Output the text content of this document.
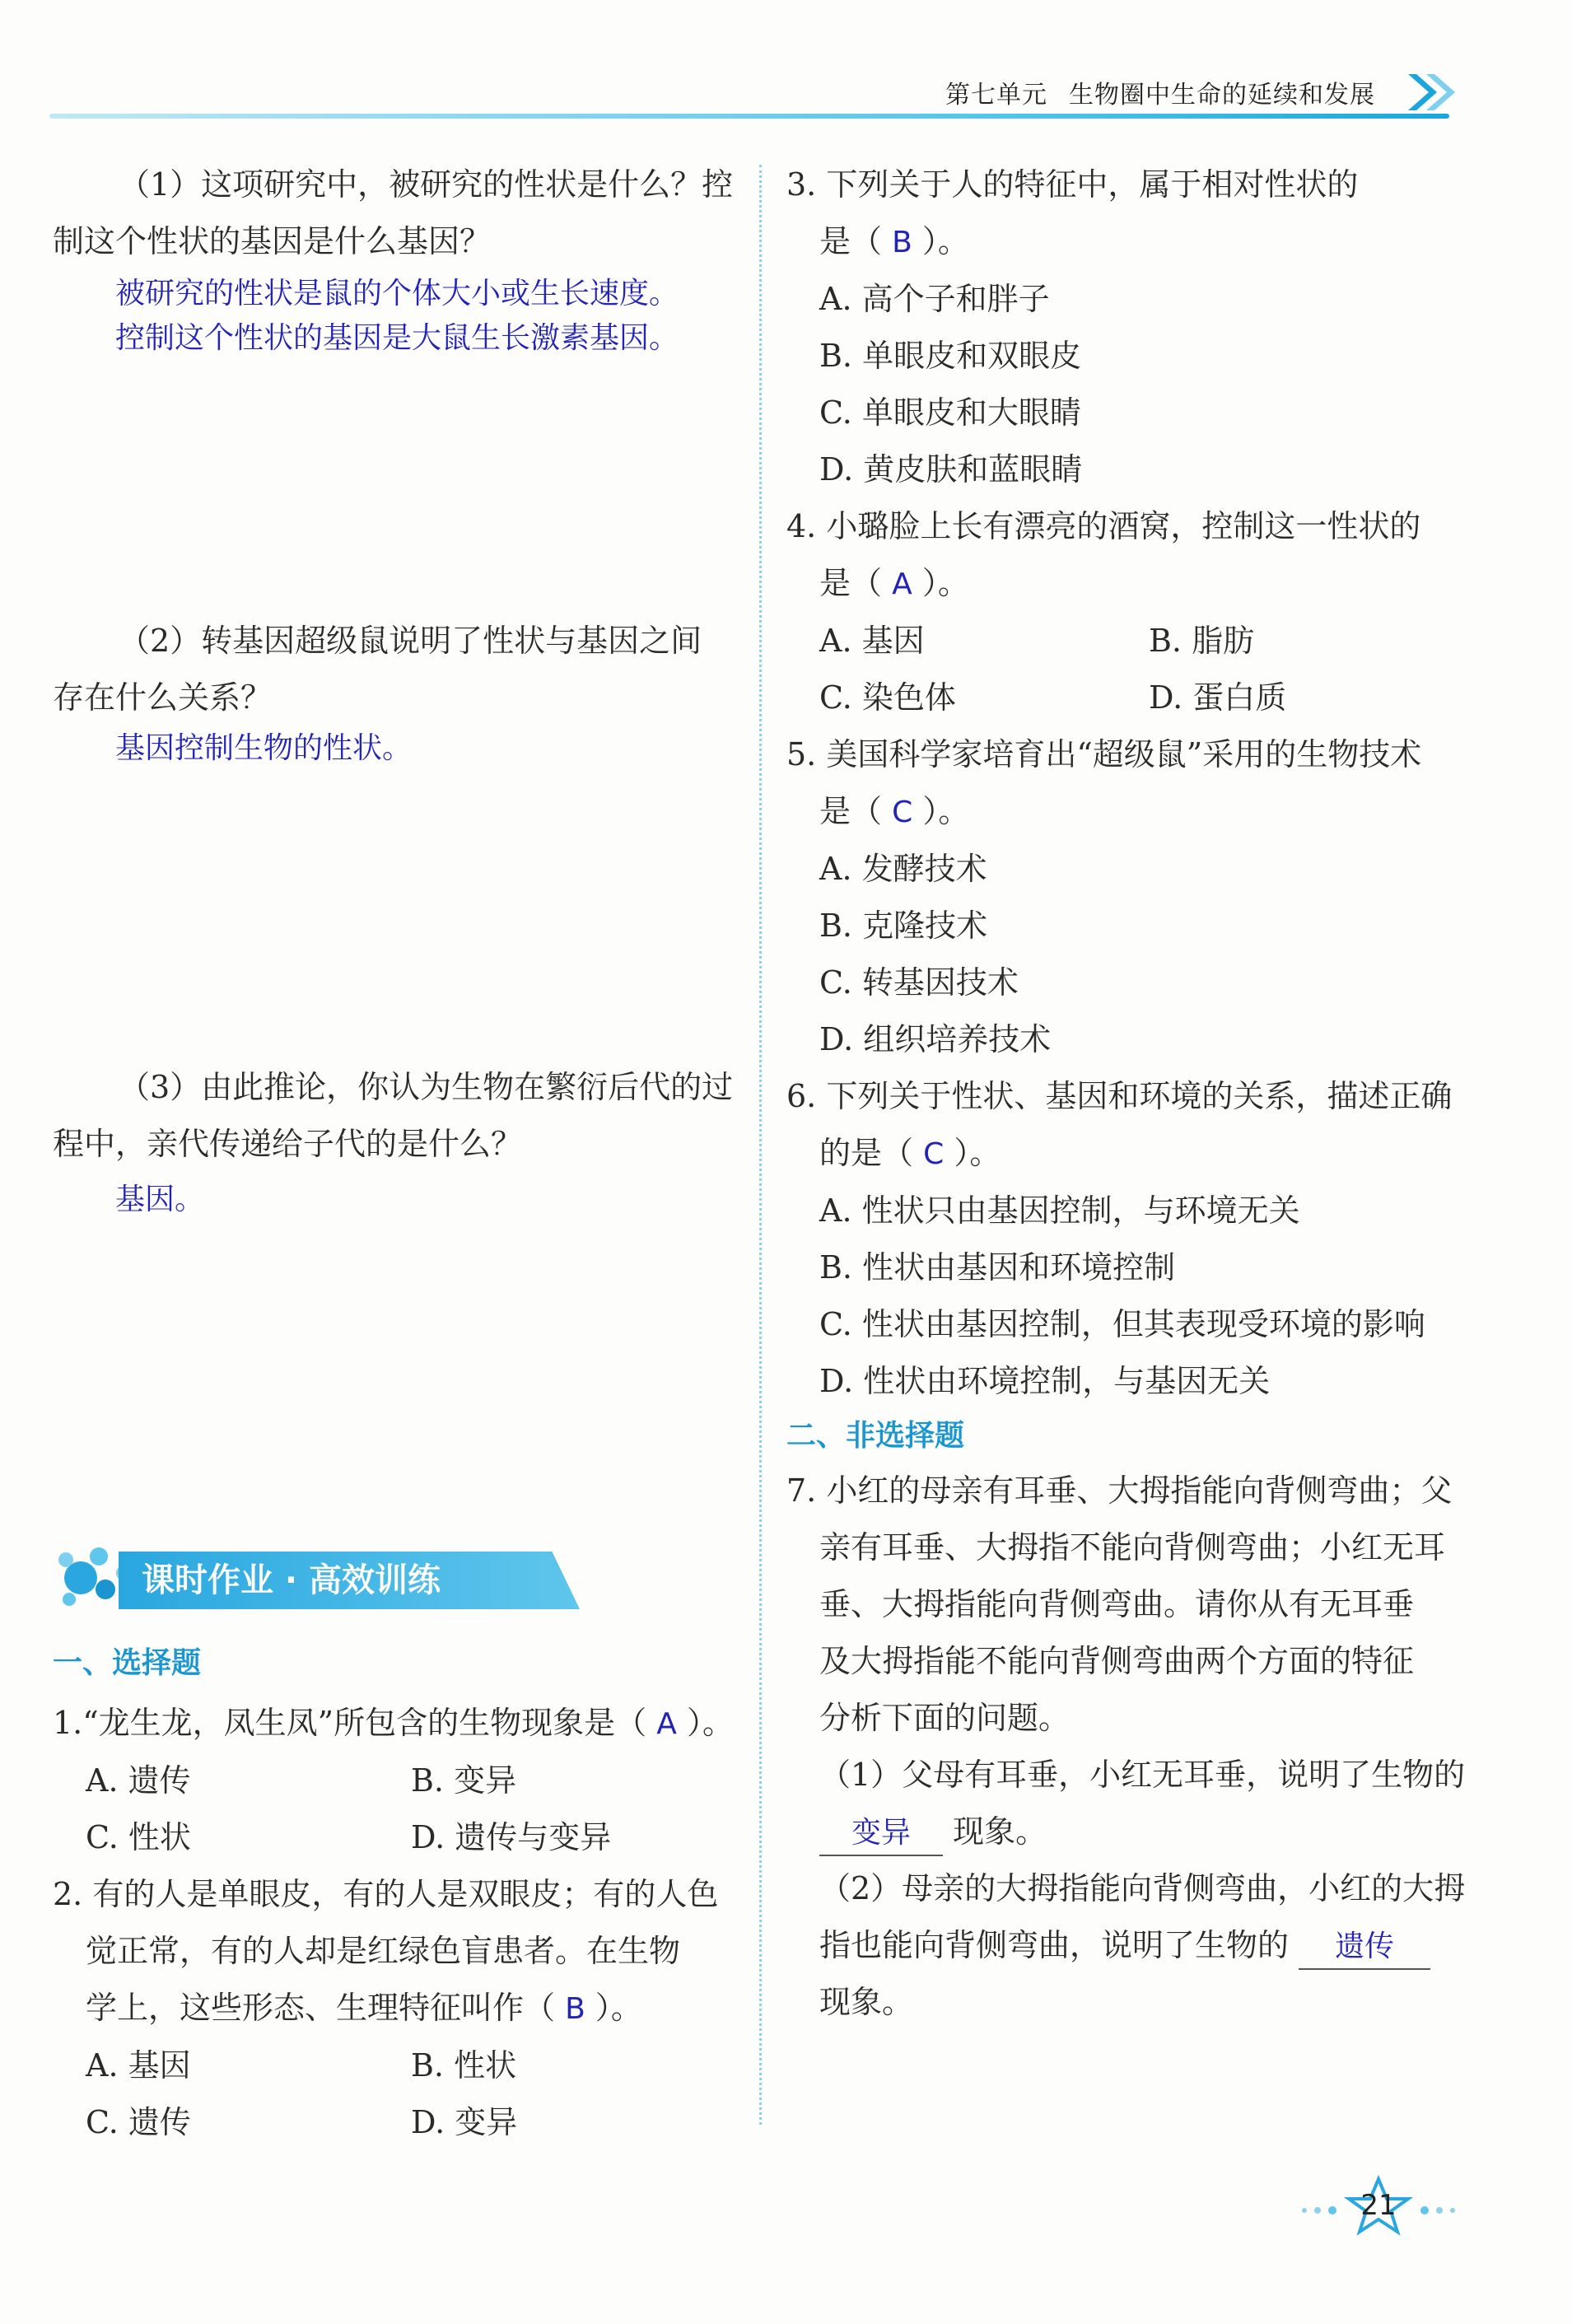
第七单元 生物圈中生命的延续和发展
（1）这项研究中，被研究的性状是什么？控
制这个性状的基因是什么基因？
被研究的性状是鼠的个体大小或生长速度。
控制这个性状的基因是大鼠生长激素基因。
（2）转基因超级鼠说明了性状与基因之间
存在什么关系？
基因控制生物的性状。
（3）由此推论，你认为生物在繁衍后代的过
程中，亲代传递给子代的是什么？
基因。
课时作业 · 高效训练
一、选择题
1.“龙生龙，凤生凤”所包含的生物现象是（ A ）。
A. 遗传	B. 变异
C. 性状	D. 遗传与变异
2. 有的人是单眼皮，有的人是双眼皮；有的人色
觉正常，有的人却是红绿色盲患者。在生物
学上，这些形态、生理特征叫作（ B ）。
A. 基因	B. 性状
C. 遗传	D. 变异
3. 下列关于人的特征中，属于相对性状的
是（ B ）。
A. 高个子和胖子
B. 单眼皮和双眼皮
C. 单眼皮和大眼睛
D. 黄皮肤和蓝眼睛
4. 小璐脸上长有漂亮的酒窝，控制这一性状的
是（ A ）。
A. 基因	B. 脂肪
C. 染色体	D. 蛋白质
5. 美国科学家培育出“超级鼠”采用的生物技术
是（ C ）。
A. 发酵技术
B. 克隆技术
C. 转基因技术
D. 组织培养技术
6. 下列关于性状、基因和环境的关系，描述正确
的是（ C ）。
A. 性状只由基因控制，与环境无关
B. 性状由基因和环境控制
C. 性状由基因控制，但其表现受环境的影响
D. 性状由环境控制，与基因无关
二、非选择题
7. 小红的母亲有耳垂、大拇指能向背侧弯曲；父
亲有耳垂、大拇指不能向背侧弯曲；小红无耳
垂、大拇指能向背侧弯曲。请你从有无耳垂
及大拇指能不能向背侧弯曲两个方面的特征
分析下面的问题。
（1）父母有耳垂，小红无耳垂，说明了生物的
变异 现象。
（2）母亲的大拇指能向背侧弯曲，小红的大拇
指也能向背侧弯曲，说明了生物的 遗传
现象。
21
